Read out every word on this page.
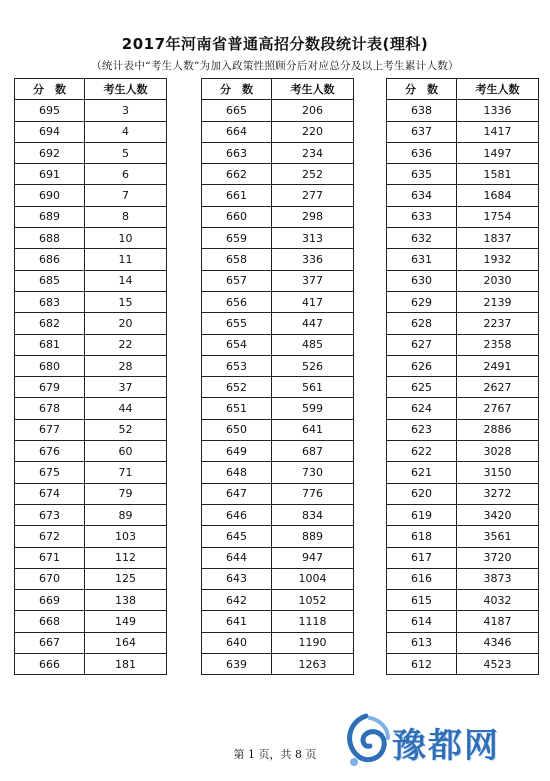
2017年河南省普通高招分数段统计表(理科)
（统计表中“考生人数”为加入政策性照顾分后对应总分及以上考生累计人数）
分　数	考生人数
695	3
694	4
692	5
691	6
690	7
689	8
688	10
686	11
685	14
683	15
682	20
681	22
680	28
679	37
678	44
677	52
676	60
675	71
674	79
673	89
672	103
671	112
670	125
669	138
668	149
667	164
666	181
分　数	考生人数
665	206
664	220
663	234
662	252
661	277
660	298
659	313
658	336
657	377
656	417
655	447
654	485
653	526
652	561
651	599
650	641
649	687
648	730
647	776
646	834
645	889
644	947
643	1004
642	1052
641	1118
640	1190
639	1263
分　数	考生人数
638	1336
637	1417
636	1497
635	1581
634	1684
633	1754
632	1837
631	1932
630	2030
629	2139
628	2237
627	2358
626	2491
625	2627
624	2767
623	2886
622	3028
621	3150
620	3272
619	3420
618	3561
617	3720
616	3873
615	4032
614	4187
613	4346
612	4523
第 1 页，共 8 页	豫都网
